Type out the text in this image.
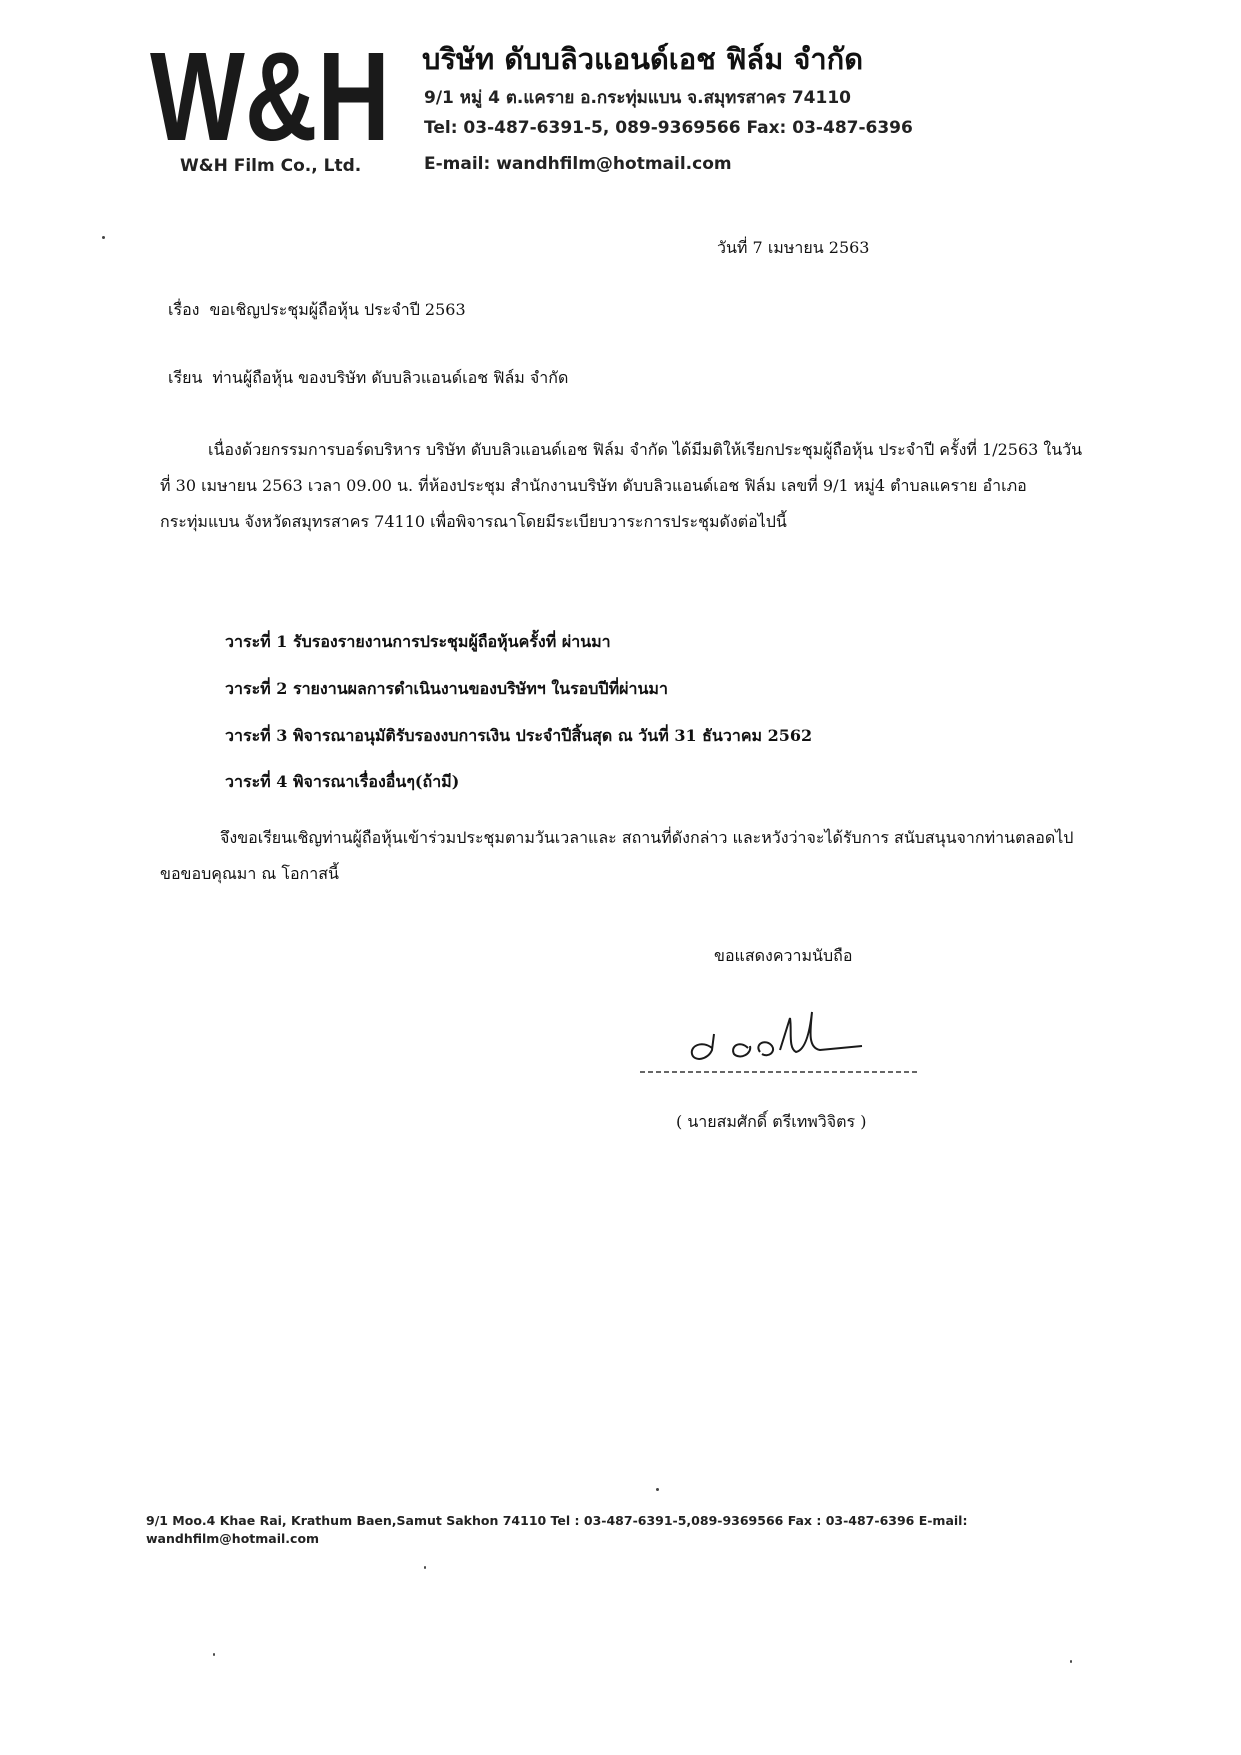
W&H
W&H Film Co., Ltd.
บริษัท ดับบลิวแอนด์เอช ฟิล์ม จำกัด
9/1 หมู่ 4 ต.แคราย อ.กระทุ่มแบน จ.สมุทรสาคร 74110
Tel: 03-487-6391-5, 089-9369566 Fax: 03-487-6396
E-mail: wandhfilm@hotmail.com
วันที่ 7 เมษายน 2563
เรื่อง ขอเชิญประชุมผู้ถือหุ้น ประจำปี 2563
เรียน ท่านผู้ถือหุ้น ของบริษัท ดับบลิวแอนด์เอช ฟิล์ม จำกัด
เนื่องด้วยกรรมการบอร์ดบริหาร บริษัท ดับบลิวแอนด์เอช ฟิล์ม จำกัด ได้มีมติให้เรียกประชุมผู้ถือหุ้น ประจำปี ครั้งที่ 1/2563 ในวันที่ 30 เมษายน 2563 เวลา 09.00 น. ที่ห้องประชุม สำนักงานบริษัท ดับบลิวแอนด์เอช ฟิล์ม เลขที่ 9/1 หมู่4 ตำบลแคราย อำเภอกระทุ่มแบน จังหวัดสมุทรสาคร 74110 เพื่อพิจารณาโดยมีระเบียบวาระการประชุมดังต่อไปนี้
วาระที่ 1 รับรองรายงานการประชุมผู้ถือหุ้นครั้งที่ ผ่านมา
วาระที่ 2 รายงานผลการดำเนินงานของบริษัทฯ ในรอบปีที่ผ่านมา
วาระที่ 3 พิจารณาอนุมัติรับรองงบการเงิน ประจำปีสิ้นสุด ณ วันที่ 31 ธันวาคม 2562
วาระที่ 4 พิจารณาเรื่องอื่นๆ(ถ้ามี)
จึงขอเรียนเชิญท่านผู้ถือหุ้นเข้าร่วมประชุมตามวันเวลาและ สถานที่ดังกล่าว และหวังว่าจะได้รับการ สนับสนุนจากท่านตลอดไป ขอขอบคุณมา ณ โอกาสนี้
ขอแสดงความนับถือ
( นายสมศักดิ์ ตรีเทพวิจิตร )
9/1 Moo.4 Khae Rai, Krathum Baen,Samut Sakhon 74110 Tel : 03-487-6391-5,089-9369566 Fax : 03-487-6396 E-mail: wandhfilm@hotmail.com
